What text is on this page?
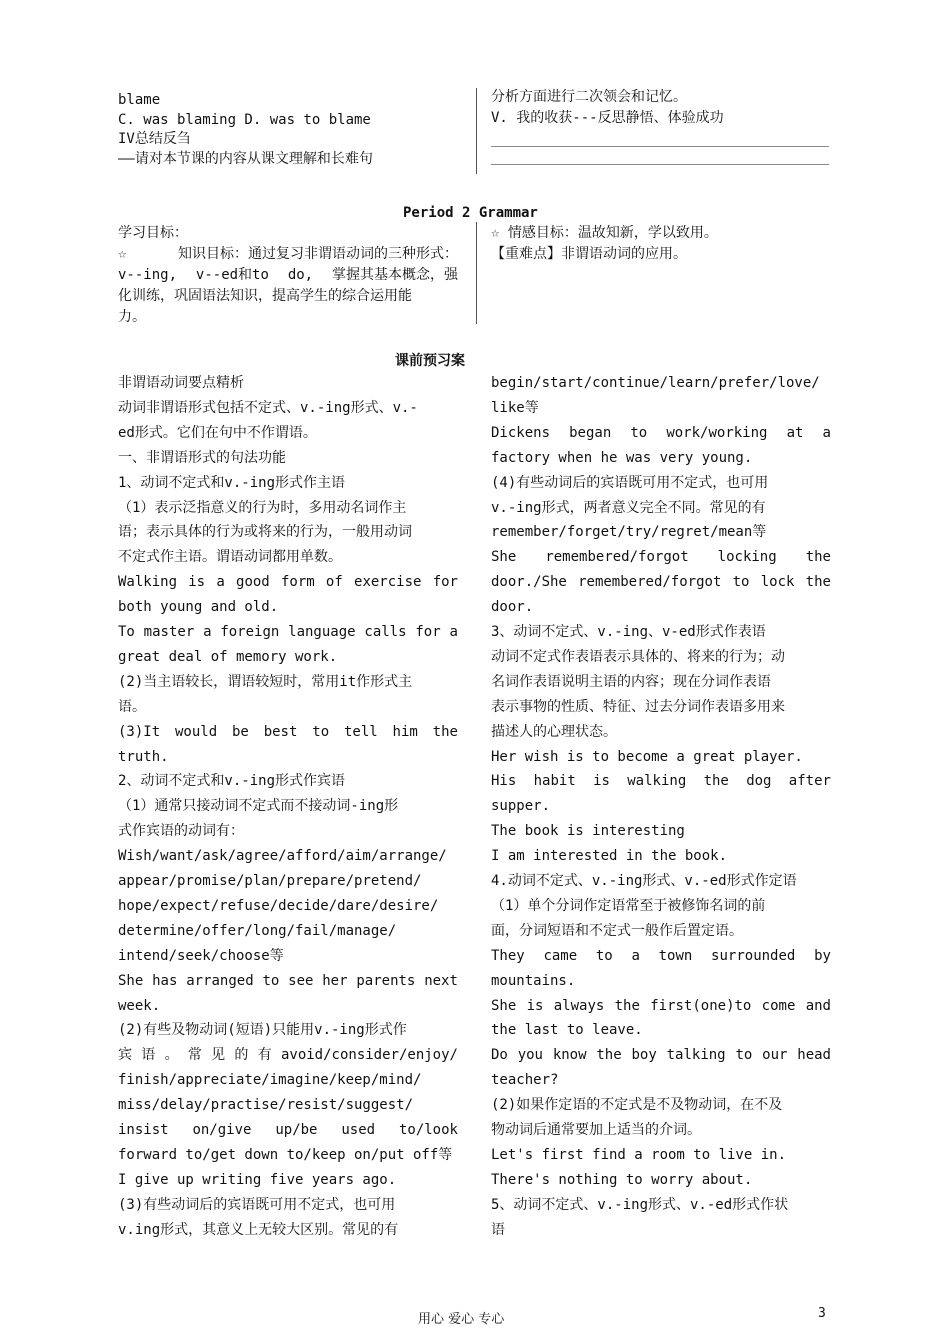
blame
C. was blaming D. was to blame
IV总结反刍
——请对本节课的内容从课文理解和长难句
分析方面进行二次领会和记忆。
V. 我的收获---反思静悟、体验成功
Period 2 Grammar
学习目标：
☆	知识目标：通过复习非谓语动词的三种形式：
v--ing, v--ed和to do, 掌握其基本概念，强
化训练，巩固语法知识，提高学生的综合运用能
力。
☆ 情感目标：温故知新，学以致用。
【重难点】非谓语动词的应用。
课前预习案
非谓语动词要点精析
动词非谓语形式包括不定式、v.-ing形式、v.-
ed形式。它们在句中不作谓语。
一、非谓语形式的句法功能
1、动词不定式和v.-ing形式作主语
（1）表示泛指意义的行为时，多用动名词作主
语；表示具体的行为或将来的行为，一般用动词
不定式作主语。谓语动词都用单数。
Walking is a good form of exercise for
both young and old.
To master a foreign language calls for a
great deal of memory work.
(2)当主语较长，谓语较短时，常用it作形式主
语。
(3)It would be best to tell him the
truth.
2、动词不定式和v.-ing形式作宾语
（1）通常只接动词不定式而不接动词-ing形
式作宾语的动词有：
Wish/want/ask/agree/afford/aim/arrange/
appear/promise/plan/prepare/pretend/
hope/expect/refuse/decide/dare/desire/
determine/offer/long/fail/manage/
intend/seek/choose等
She has arranged to see her parents next
week.
(2)有些及物动词(短语)只能用v.-ing形式作
宾 语 。 常 见 的 有 avoid/consider/enjoy/
finish/appreciate/imagine/keep/mind/
miss/delay/practise/resist/suggest/
insist on/give up/be used to/look
forward to/get down to/keep on/put off等
I give up writing five years ago.
(3)有些动词后的宾语既可用不定式，也可用
v.ing形式，其意义上无较大区别。常见的有
begin/start/continue/learn/prefer/love/
like等
Dickens began to work/working at a
factory when he was very young.
(4)有些动词后的宾语既可用不定式，也可用
v.-ing形式，两者意义完全不同。常见的有
remember/forget/try/regret/mean等
She remembered/forgot locking the
door./She remembered/forgot to lock the
door.
3、动词不定式、v.-ing、v-ed形式作表语
动词不定式作表语表示具体的、将来的行为；动
名词作表语说明主语的内容；现在分词作表语
表示事物的性质、特征、过去分词作表语多用来
描述人的心理状态。
Her wish is to become a great player.
His habit is walking the dog after
supper.
The book is interesting
I am interested in the book.
4.动词不定式、v.-ing形式、v.-ed形式作定语
（1）单个分词作定语常至于被修饰名词的前
面，分词短语和不定式一般作后置定语。
They came to a town surrounded by
mountains.
She is always the first(one)to come and
the last to leave.
Do you know the boy talking to our head
teacher?
(2)如果作定语的不定式是不及物动词，在不及
物动词后通常要加上适当的介词。
Let's first find a room to live in.
There's nothing to worry about.
5、动词不定式、v.-ing形式、v.-ed形式作状
语
用心 爱心 专心	3
